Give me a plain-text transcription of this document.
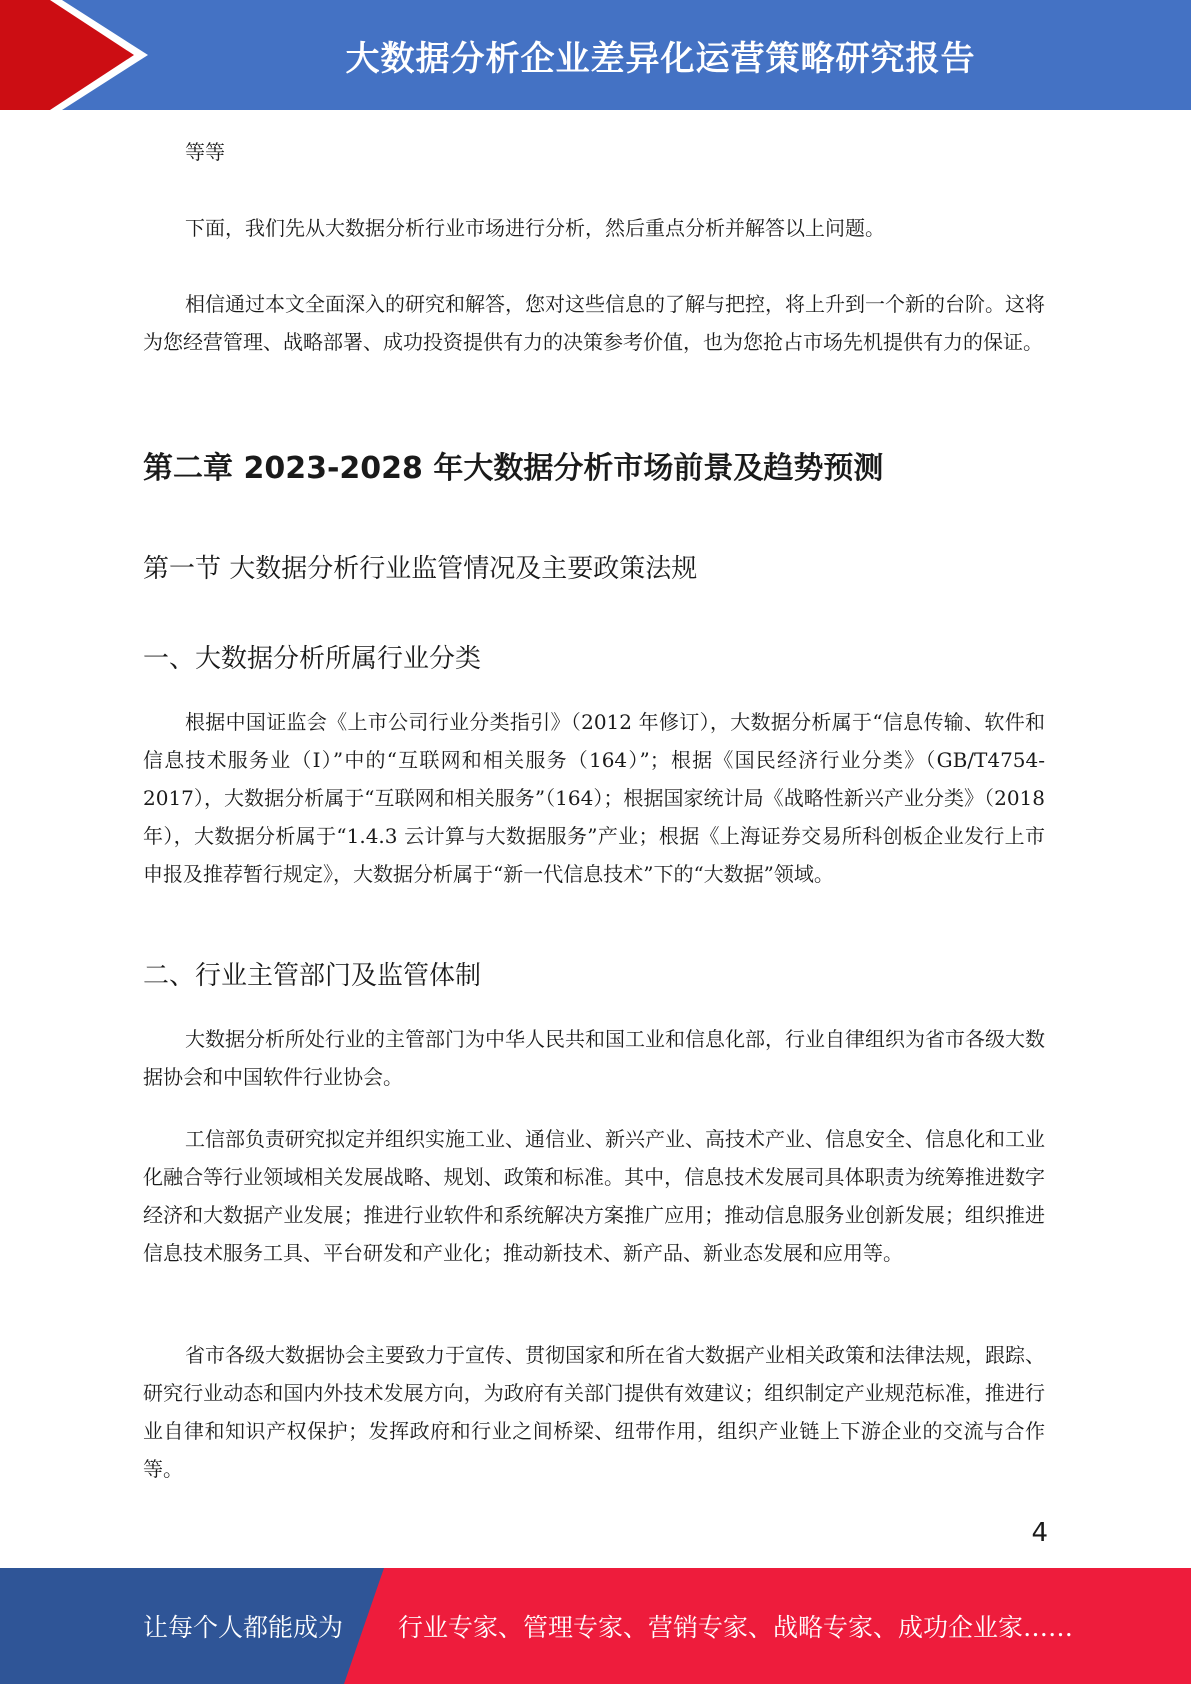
大数据分析企业差异化运营策略研究报告

等等

下面，我们先从大数据分析行业市场进行分析，然后重点分析并解答以上问题。

相信通过本文全面深入的研究和解答，您对这些信息的了解与把控，将上升到一个新的台阶。这将为您经营管理、战略部署、成功投资提供有力的决策参考价值，也为您抢占市场先机提供有力的保证。

第二章 2023-2028 年大数据分析市场前景及趋势预测
第一节 大数据分析行业监管情况及主要政策法规
一、大数据分析所属行业分类

根据中国证监会《上市公司行业分类指引》（2012 年修订），大数据分析属于“信息传输、软件和信息技术服务业（I）”中的“互联网和相关服务（164）”；根据《国民经济行业分类》（GB/T4754-2017），大数据分析属于“互联网和相关服务”（164）；根据国家统计局《战略性新兴产业分类》（2018 年），大数据分析属于“1.4.3 云计算与大数据服务”产业；根据《上海证券交易所科创板企业发行上市申报及推荐暂行规定》，大数据分析属于“新一代信息技术”下的“大数据”领域。

二、行业主管部门及监管体制

大数据分析所处行业的主管部门为中华人民共和国工业和信息化部，行业自律组织为省市各级大数据协会和中国软件行业协会。

工信部负责研究拟定并组织实施工业、通信业、新兴产业、高技术产业、信息安全、信息化和工业化融合等行业领域相关发展战略、规划、政策和标准。其中，信息技术发展司具体职责为统筹推进数字经济和大数据产业发展；推进行业软件和系统解决方案推广应用；推动信息服务业创新发展；组织推进信息技术服务工具、平台研发和产业化；推动新技术、新产品、新业态发展和应用等。

省市各级大数据协会主要致力于宣传、贯彻国家和所在省大数据产业相关政策和法律法规，跟踪、研究行业动态和国内外技术发展方向，为政府有关部门提供有效建议；组织制定产业规范标准，推进行业自律和知识产权保护；发挥政府和行业之间桥梁、纽带作用，组织产业链上下游企业的交流与合作等。

4
让每个人都能成为 行业专家、管理专家、营销专家、战略专家、成功企业家……
